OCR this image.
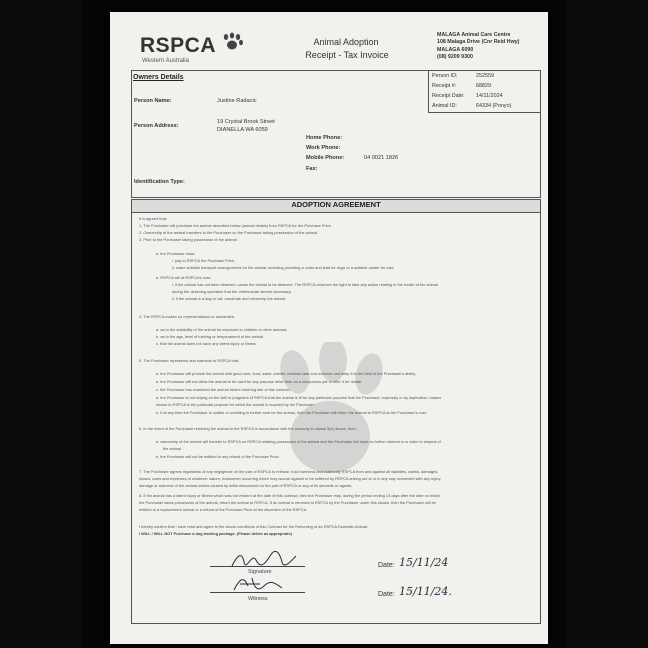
RSPCA
Western Australia
Animal Adoption
Receipt - Tax Invoice
MALAGA Animal Care Centre
108 Malaga Drive (Cnr Reid Hwy)
MALAGA 6090
(08) 9209 9300
Owners Details	Person ID:	252559
Receipt #:	68829
Receipt Date: 14/11/2024
Animal ID:	64334 (Ponyo)
Person Name:	Justine Radacic
Person Address:
19 Crystal Brook Street
DIANELLA WA 6059
Home Phone:
Work Phone:
Mobile Phone:	04 0021 1826
Fax:
Identification Type:
ADOPTION AGREEMENT
It is agreed that:
1. The Purchaser will purchase the animal described below (animal details) from RSPCA for the Purchase Price.
2. Ownership of the animal transfers to the Purchaser on the Purchaser taking possession of the animal.
3. Prior to the Purchaser taking possession of the animal:
a. the Purchaser must:
i. pay to RSPCA the Purchase Price;
ii. make suitable transport arrangements for the animal, including providing a collar and lead for dogs or a suitable carrier for cats.
b. RSPCA will at RSPCA's cost:
i. if the animal has not been desexed, cause the animal to be desexed. The RSPCA reserves the right to take any action relating to the health of the animal
during the desexing operation that the Veterinarian deems necessary.
ii. if the animal is a dog or cat, vaccinate and microchip the animal.
4. The RSPCA makes no representations or warranties:
a. as to the suitability of the animal for exposure to children or other animals.
b. as to the age, level of training or temperament of the animal.
c. that the animal does not have any latent injury or illness.
5. The Purchaser represents and warrants to RSPCA that:
a. the Purchaser will provide the animal with good care, food, water, shelter, medical care and exercise and keep it to the best of the Purchaser's ability.
b. the Purchaser will not allow the animal to be used for any purpose other than as a companion pet or offer it for resale.
c. the Purchaser has examined the animal before entering into of this contract.
d. the Purchaser is not relying on the skill or judgment of RSPCA that the animal is fit for any particular purpose that the Purchaser, expressly or by implication, makes
known to RSPCA is the particular purpose for which the animal is required by the Purchaser.
e. if at any time the Purchaser is unable or unwilling to further care for the animal, then the Purchaser will return the animal to RSPCA at the Purchaser's cost.
6. In the event of the Purchaser returning the animal to the RSPCA in accordance with the warranty in clause 5(e) above, then:
a. ownership of the animal will transfer to RSPCA on RSPCA retaking possession of the animal and the Purchaser will have no further interest in or claim in respect of
the animal.
b. the Purchaser will not be entitled to any refund of the Purchase Price.
7. The Purchaser agrees regardless of any negligence on the part of RSPCA to release, hold harmless and indemnify RSPCA from and against all liabilities, claims, damages,
losses, costs and expenses of whatever nature, howsoever occurring which may accrue against or be suffered by RSPCA arising out of or in any way connected with any injury,
damage or sickness of the animal unless caused by wilful misconduct on the part of RSPCA or any of its servants or agents.
8. If the animal has a latent injury or illness which was not evident at the date of this contract, then the Purchaser may, during the period ending 14 days after the date on which
the Purchaser takes possession of the animal, return the animal to RSPCA. If an animal is returned to RSPCA by the Purchaser under this clause, then the Purchaser will be
entitled to a replacement animal or a refund of the Purchase Price at the discretion of the RSPCA.
I hereby confirm that I have read and agree to the above conditions of this Contract for the Rehoming of an RSPCA Domestic Animal.
I WILL / WILL NOT Purchase a dog training package. (Please delete as appropriate)
Signature
Witness
Date: 15/11/24
Date: 15/11/24.
